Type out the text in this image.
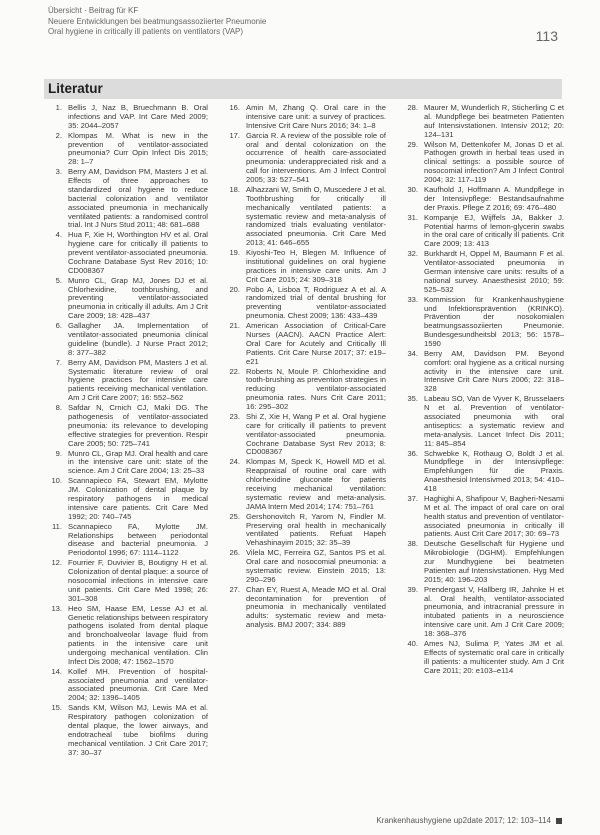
Übersicht · Beitrag für KF
Neuere Entwicklungen bei beatmungsassoziierter Pneumonie
Oral hygiene in critically ill patients on ventilators (VAP)	113
Literatur
1. Bellis J, Naz B, Bruechmann B. Oral infections and VAP. Int Care Med 2009; 35: 2044–2057
2. Klompas M. What is new in the prevention of ventilator-associated pneumonia? Curr Opin Infect Dis 2015; 28: 1–7
3. Berry AM, Davidson PM, Masters J et al. Effects of three approaches to standardized oral hygiene to reduce bacterial colonization and ventilator associated pneumonia in mechanically ventilated patients: a randomised control trial. Int J Nurs Stud 2011; 48: 681–688
4. Hua F, Xie H, Worthington HV et al. Oral hygiene care for critically ill patients to prevent ventilator-associated pneumonia. Cochrane Database Syst Rev 2016; 10: CD008367
5. Munro CL, Grap MJ, Jones DJ et al. Chlorhexidine, toothbrushing, and preventing ventilator-associated pneumonia in critically ill adults. Am J Crit Care 2009; 18: 428–437
6. Gallagher JA. Implementation of ventilator-associated pneumonia clinical guideline (bundle). J Nurse Pract 2012; 8: 377–382
7. Berry AM, Davidson PM, Masters J et al. Systematic literature review of oral hygiene practices for intensive care patients receiving mechanical ventilation. Am J Crit Care 2007; 16: 552–562
8. Safdar N, Crnich CJ, Maki DG. The pathogenesis of ventilator-associated pneumonia: its relevance to developing effective strategies for prevention. Respir Care 2005; 50: 725–741
9. Munro CL, Grap MJ. Oral health and care in the intensive care unit: state of the science. Am J Crit Care 2004; 13: 25–33
10. Scannapieco FA, Stewart EM, Mylotte JM. Colonization of dental plaque by respiratory pathogens in medical intensive care patients. Crit Care Med 1992; 20: 740–745
11. Scannapieco FA, Mylotte JM. Relationships between periodontal disease and bacterial pneumonia. J Periodontol 1996; 67: 1114–1122
12. Fourrier F, Duvivier B, Boutigny H et al. Colonization of dental plaque: a source of nosocomial infections in intensive care unit patients. Crit Care Med 1998; 26: 301–308
13. Heo SM, Haase EM, Lesse AJ et al. Genetic relationships between respiratory pathogens isolated from dental plaque and bronchoalveolar lavage fluid from patients in the intensive care unit undergoing mechanical ventilation. Clin Infect Dis 2008; 47: 1562–1570
14. Kollef MH. Prevention of hospital-associated pneumonia and ventilator-associated pneumonia. Crit Care Med 2004; 32: 1396–1405
15. Sands KM, Wilson MJ, Lewis MA et al. Respiratory pathogen colonization of dental plaque, the lower airways, and endotracheal tube biofilms during mechanical ventilation. J Crit Care 2017; 37: 30–37
16. Amin M, Zhang Q. Oral care in the intensive care unit: a survey of practices. Intensive Crit Care Nurs 2016; 34: 1–8
17. Garcia R. A review of the possible role of oral and dental colonization on the occurrence of health care-associated pneumonia: underappreciated risk and a call for interventions. Am J Infect Control 2005; 33: 527–541
18. Alhazzani W, Smith O, Muscedere J et al. Toothbrushing for critically ill mechanically ventilated patients: a systematic review and meta-analysis of randomized trials evaluating ventilator-associated pneumonia. Crit Care Med 2013; 41: 646–655
19. Kiyoshi-Teo H, Blegen M. Influence of institutional guidelines on oral hygiene practices in intensive care units. Am J Crit Care 2015; 24: 309–318
20. Pobo A, Lisboa T, Rodriguez A et al. A randomized trial of dental brushing for preventing ventilator-associated pneumonia. Chest 2009; 136: 433–439
21. American Association of Critical-Care Nurses (AACN). AACN Practice Alert: Oral Care for Acutely and Critically Ill Patients. Crit Care Nurse 2017; 37: e19–e21
22. Roberts N, Moule P. Chlorhexidine and tooth-brushing as prevention strategies in reducing ventilator-associated pneumonia rates. Nurs Crit Care 2011; 16: 295–302
23. Shi Z, Xie H, Wang P et al. Oral hygiene care for critically ill patients to prevent ventilator-associated pneumonia. Cochrane Database Syst Rev 2013; 8: CD008367
24. Klompas M, Speck K, Howell MD et al. Reappraisal of routine oral care with chlorhexidine gluconate for patients receiving mechanical ventilation: systematic review and meta-analysis. JAMA Intern Med 2014; 174: 751–761
25. Gershonovitch R, Yarom N, Findler M. Preserving oral health in mechanically ventilated patients. Refuat Hapeh Vehashinayim 2015; 32: 35–39
26. Vilela MC, Ferreira GZ, Santos PS et al. Oral care and nosocomial pneumonia: a systematic review. Einstein 2015; 13: 290–296
27. Chan EY, Ruest A, Meade MO et al. Oral decontamination for prevention of pneumonia in mechanically ventilated adults: systematic review and meta-analysis. BMJ 2007; 334: 889
28. Maurer M, Wunderlich R, Sticherling C et al. Mundpflege bei beatmeten Patienten auf Intensivstationen. Intensiv 2012; 20: 124–131
29. Wilson M, Dettenkofer M, Jonas D et al. Pathogen growth in herbal teas used in clinical settings: a possible source of nosocomial infection? Am J Infect Control 2004; 32: 117–119
30. Kaufhold J, Hoffmann A. Mundpflege in der Intensivpflege: Bestandsaufnahme der Praxis. Pflege Z 2016; 69: 476–480
31. Kompanje EJ, Wijffels JA, Bakker J. Potential harms of lemon-glycerin swabs in the oral care of critically ill patients. Crit Care 2009; 13: 413
32. Burkhardt H, Oppel M, Baumann F et al. Ventilator-associated pneumonia in German intensive care units: results of a national survey. Anaesthesist 2010; 59: 525–532
33. Kommission für Krankenhaushygiene und Infektionsprävention (KRINKO). Prävention der nosokomialen beatmungsassoziierten Pneumonie. Bundesgesundheitsbl 2013; 56: 1578–1590
34. Berry AM, Davidson PM. Beyond comfort: oral hygiene as a critical nursing activity in the intensive care unit. Intensive Crit Care Nurs 2006; 22: 318–328
35. Labeau SO, Van de Vyver K, Brusselaers N et al. Prevention of ventilator-associated pneumonia with oral antiseptics: a systematic review and meta-analysis. Lancet Infect Dis 2011; 11: 845–854
36. Schwebke K, Rothaug O, Boldt J et al. Mundpflege in der Intensivpflege: Empfehlungen für die Praxis. Anaesthesiol Intensivmed 2013; 54: 410–418
37. Haghighi A, Shafipour V, Bagheri-Nesami M et al. The impact of oral care on oral health status and prevention of ventilator-associated pneumonia in critically ill patients. Aust Crit Care 2017; 30: 69–73
38. Deutsche Gesellschaft für Hygiene und Mikrobiologie (DGHM). Empfehlungen zur Mundhygiene bei beatmeten Patienten auf Intensivstationen. Hyg Med 2015; 40: 196–203
39. Prendergast V, Hallberg IR, Jahnke H et al. Oral health, ventilator-associated pneumonia, and intracranial pressure in intubated patients in a neuroscience intensive care unit. Am J Crit Care 2009; 18: 368–376
40. Ames NJ, Sulima P, Yates JM et al. Effects of systematic oral care in critically ill patients: a multicenter study. Am J Crit Care 2011; 20: e103–e114
Krankenhaushygiene up2date 2017; 12: 103–114
